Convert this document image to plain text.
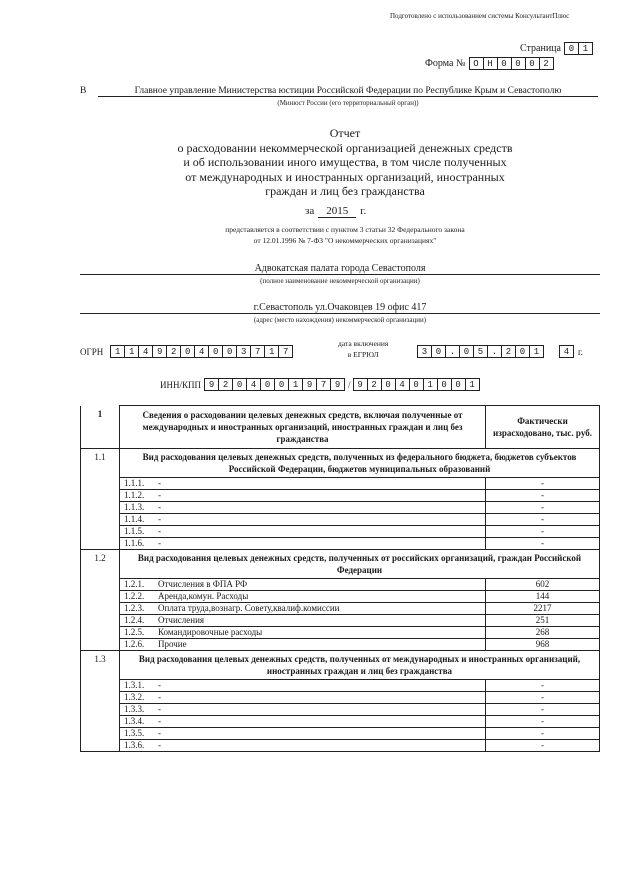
Подготовлено с использованием системы КонсультантПлюс
Страница 0 1
Форма № О Н 0 0 0 2
В	Главное управление Министерства юстиции Российской Федерации по Республике Крым и Севастополю
(Минюст России (его территориальный орган))
Отчет
о расходовании некоммерческой организацией денежных средств
и об использовании иного имущества, в том числе полученных
от международных и иностранных организаций, иностранных
граждан и лиц без гражданства
за	2015	г.
представляется в соответствии с пунктом 3 статьи 32 Федерального закона
от 12.01.1996 № 7-ФЗ "О некоммерческих организациях"
Адвокатская палата города Севастополя
(полное наименование некоммерческой организации)
г.Севастополь ул.Очаковцев 19 офис 417
(адрес (место нахождения) некоммерческой организации)
ОГРН	1 1 4 9 2 0 4 0 0 3 7 1 7
дата включения
в ЕГРЮЛ	3 0 . 0 5 . 2 0 1	4 г.
ИНН/КПП 9 2 0 4 0 0 1 9 7 9 / 9 2 0 4 0 1 0 0 1
1	Сведения о расходовании целевых денежных средств, включая полученные от международных и иностранных организаций, иностранных граждан и лиц без гражданства	Фактически израсходовано, тыс. руб.
1.1	Вид расходования целевых денежных средств, полученных из федерального бюджета, бюджетов субъектов Российской Федерации, бюджетов муниципальных образований	
	1.1.1. -	-
	1.1.2. -	-
	1.1.3. -	-
	1.1.4. -	-
	1.1.5. -	-
	1.1.6. -	-
1.2	Вид расходования целевых денежных средств, полученных от российских организаций, граждан Российской Федерации	
	1.2.1. Отчисления в ФПА РФ	602
	1.2.2. Аренда,комун. Расходы	144
	1.2.3. Оплата труда,вознагр. Совету,квалиф.комиссии	2217
	1.2.4. Отчисления	251
	1.2.5. Командировочные расходы	268
	1.2.6. Прочие	968
1.3	Вид расходования целевых денежных средств, полученных от международных и иностранных организаций, иностранных граждан и лиц без гражданства	
	1.3.1. -	-
	1.3.2. -	-
	1.3.3. -	-
	1.3.4. -	-
	1.3.5. -	-
	1.3.6. -	-
